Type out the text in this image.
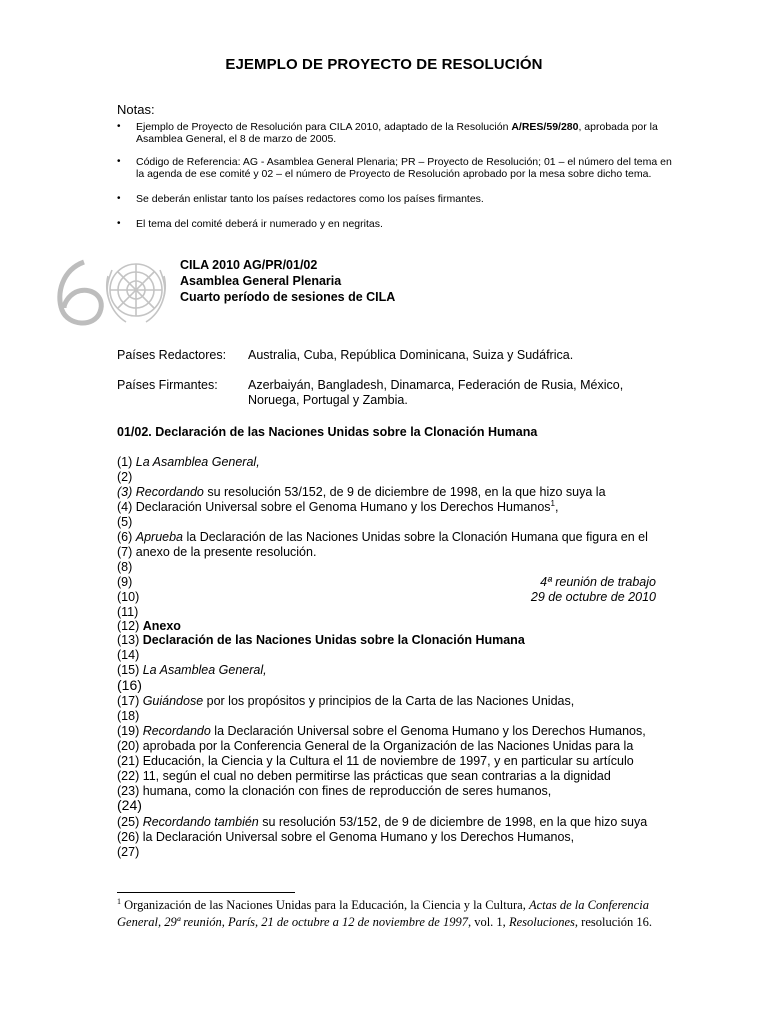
EJEMPLO DE PROYECTO DE RESOLUCIÓN
Notas:
• Ejemplo de Proyecto de Resolución para CILA 2010, adaptado de la Resolución A/RES/59/280, aprobada por la Asamblea General, el 8 de marzo de 2005.
• Código de Referencia: AG - Asamblea General Plenaria; PR – Proyecto de Resolución; 01 – el número del tema en la agenda de ese comité y 02 – el número de Proyecto de Resolución aprobado por la mesa sobre dicho tema.
• Se deberán enlistar tanto los países redactores como los países firmantes.
• El tema del comité deberá ir numerado y en negritas.
CILA 2010 AG/PR/01/02
Asamblea General Plenaria
Cuarto período de sesiones de CILA
Países Redactores: Australia, Cuba, República Dominicana, Suiza y Sudáfrica.
Países Firmantes: Azerbaiyán, Bangladesh, Dinamarca, Federación de Rusia, México,
Noruega, Portugal y Zambia.
01/02. Declaración de las Naciones Unidas sobre la Clonación Humana
(1) La Asamblea General,
(2)
(3) Recordando su resolución 53/152, de 9 de diciembre de 1998, en la que hizo suya la
(4) Declaración Universal sobre el Genoma Humano y los Derechos Humanos$^1$,
(5)
(6) Aprueba la Declaración de las Naciones Unidas sobre la Clonación Humana que figura en el
(7) anexo de la presente resolución.
(8)
(9)	4ª reunión de trabajo
(10)	29 de octubre de 2010
(11)
(12) Anexo
(13) Declaración de las Naciones Unidas sobre la Clonación Humana
(14)
(15) La Asamblea General,
(16)
(17) Guiándose por los propósitos y principios de la Carta de las Naciones Unidas,
(18)
(19) Recordando la Declaración Universal sobre el Genoma Humano y los Derechos Humanos,
(20) aprobada por la Conferencia General de la Organización de las Naciones Unidas para la
(21) Educación, la Ciencia y la Cultura el 11 de noviembre de 1997, y en particular su artículo
(22) 11, según el cual no deben permitirse las prácticas que sean contrarias a la dignidad
(23) humana, como la clonación con fines de reproducción de seres humanos,
(24)
(25) Recordando también su resolución 53/152, de 9 de diciembre de 1998, en la que hizo suya
(26) la Declaración Universal sobre el Genoma Humano y los Derechos Humanos,
(27)
$^1$ Organización de las Naciones Unidas para la Educación, la Ciencia y la Cultura, Actas de la Conferencia General, 29ª reunión, París, 21 de octubre a 12 de noviembre de 1997, vol. 1, Resoluciones, resolución 16.
